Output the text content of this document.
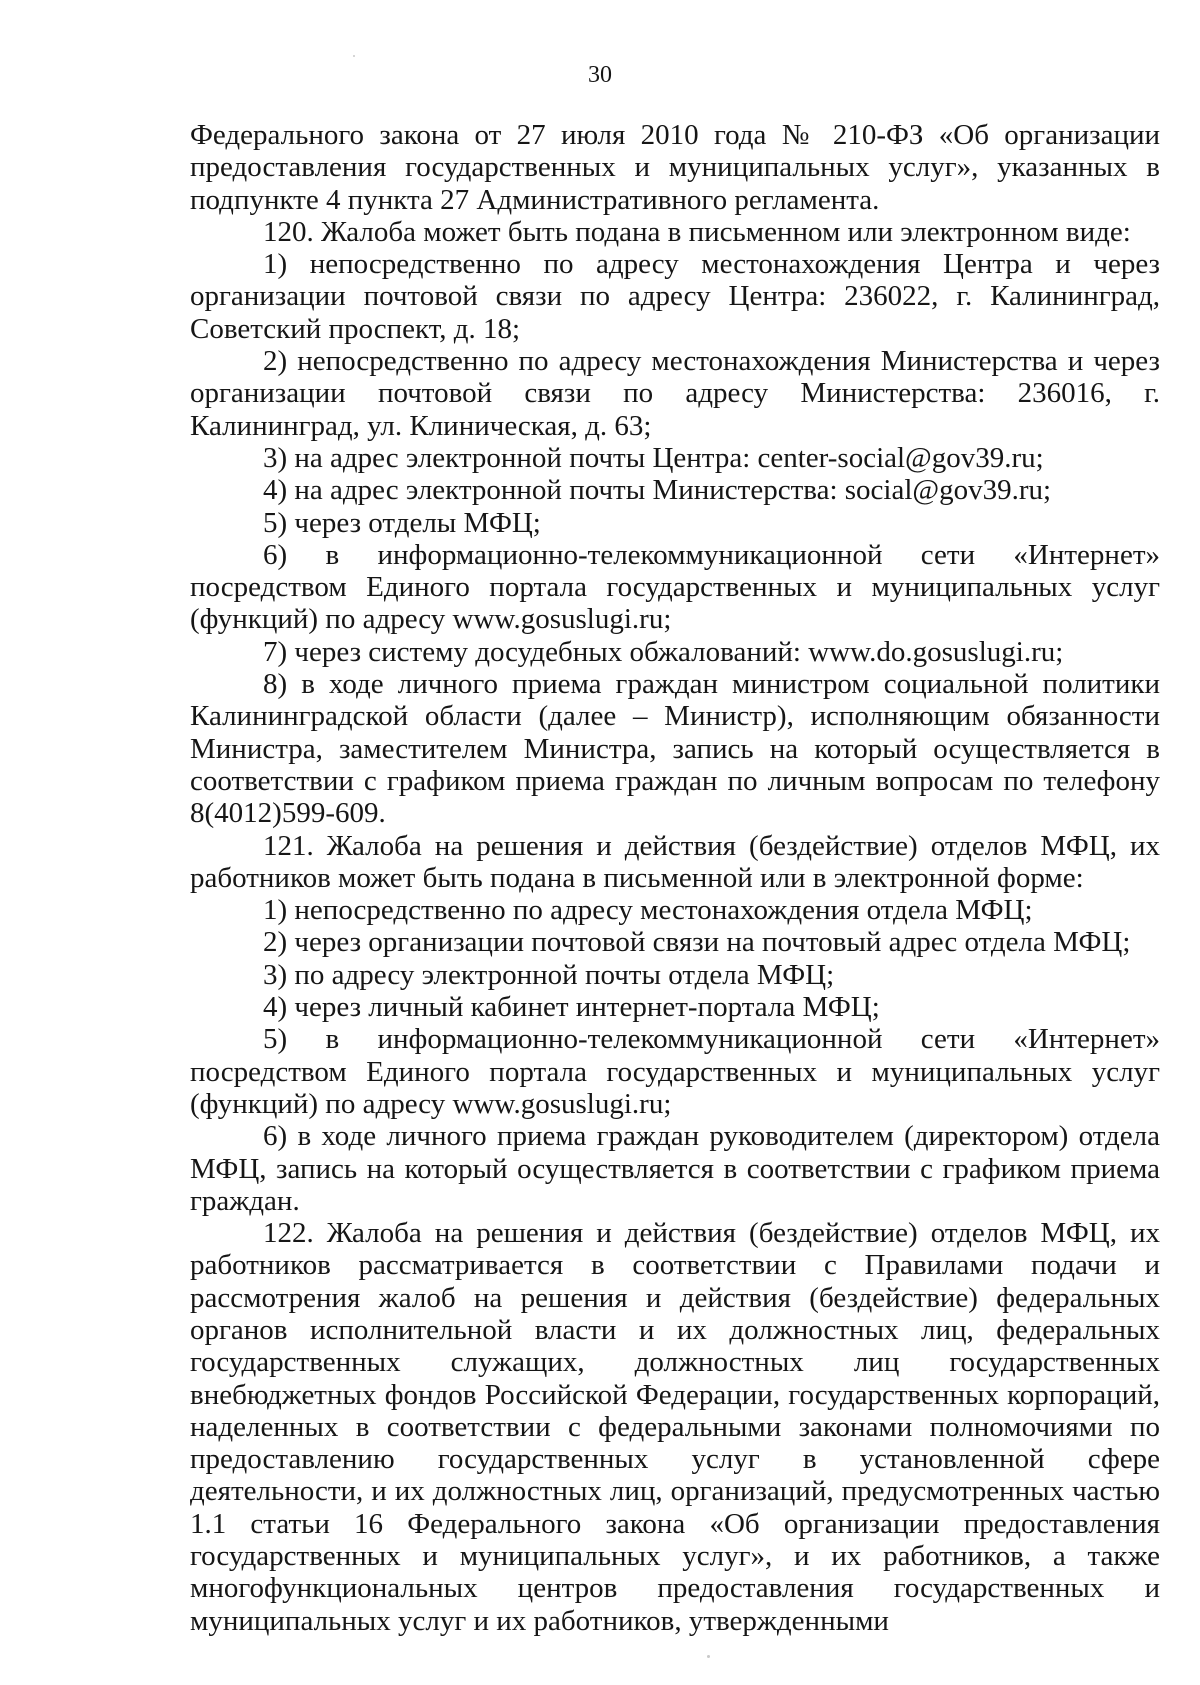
30

Федерального закона от 27 июля 2010 года № 210-ФЗ «Об организации предоставления государственных и муниципальных услуг», указанных в подпункте 4 пункта 27 Административного регламента.

120. Жалоба может быть подана в письменном или электронном виде:

1) непосредственно по адресу местонахождения Центра и через организации почтовой связи по адресу Центра: 236022, г. Калининград, Советский проспект, д. 18;

2) непосредственно по адресу местонахождения Министерства и через организации почтовой связи по адресу Министерства: 236016, г. Калининград, ул. Клиническая, д. 63;

3) на адрес электронной почты Центра: center-social@gov39.ru;

4) на адрес электронной почты Министерства: social@gov39.ru;

5) через отделы МФЦ;

6) в информационно-телекоммуникационной сети «Интернет» посредством Единого портала государственных и муниципальных услуг (функций) по адресу www.gosuslugi.ru;

7) через систему досудебных обжалований: www.do.gosuslugi.ru;

8) в ходе личного приема граждан министром социальной политики Калининградской области (далее – Министр), исполняющим обязанности Министра, заместителем Министра, запись на который осуществляется в соответствии с графиком приема граждан по личным вопросам по телефону 8(4012)599-609.

121. Жалоба на решения и действия (бездействие) отделов МФЦ, их работников может быть подана в письменной или в электронной форме:

1) непосредственно по адресу местонахождения отдела МФЦ;

2) через организации почтовой связи на почтовый адрес отдела МФЦ;

3) по адресу электронной почты отдела МФЦ;

4) через личный кабинет интернет-портала МФЦ;

5) в информационно-телекоммуникационной сети «Интернет» посредством Единого портала государственных и муниципальных услуг (функций) по адресу www.gosuslugi.ru;

6) в ходе личного приема граждан руководителем (директором) отдела МФЦ, запись на который осуществляется в соответствии с графиком приема граждан.

122. Жалоба на решения и действия (бездействие) отделов МФЦ, их работников рассматривается в соответствии с Правилами подачи и рассмотрения жалоб на решения и действия (бездействие) федеральных органов исполнительной власти и их должностных лиц, федеральных государственных служащих, должностных лиц государственных внебюджетных фондов Российской Федерации, государственных корпораций, наделенных в соответствии с федеральными законами полномочиями по предоставлению государственных услуг в установленной сфере деятельности, и их должностных лиц, организаций, предусмотренных частью 1.1 статьи 16 Федерального закона «Об организации предоставления государственных и муниципальных услуг», и их работников, а также многофункциональных центров предоставления государственных и муниципальных услуг и их работников, утвержденными
